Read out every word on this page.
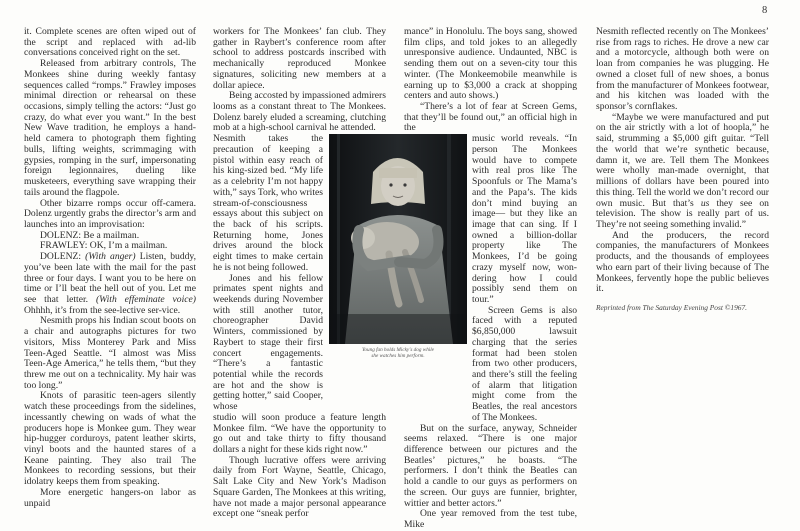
8

it. Complete scenes are often wiped out of the script and replaced with ad-lib conversations conceived right on the set.

Released from arbitrary controls, The Monkees shine during weekly fantasy sequences called “romps.” Frawley imposes minimal direction or rehearsal on these occasions, simply telling the actors: “Just go crazy, do what ever you want.” In the best New Wave tradition, he employs a hand-held camera to photograph them fighting bulls, lifting weights, scrimmaging with gypsies, romping in the surf, impersonating foreign legionnaires, dueling like musketeers, everything save wrapping their tails around the flagpole.

Other bizarre romps occur off-camera. Dolenz urgently grabs the director’s arm and launches into an improvisation:

DOLENZ: Be a mailman.

FRAWLEY: OK, I’m a mailman.

DOLENZ: (With anger) Listen, buddy, you’ve been late with the mail for the past three or four days. I want you to be here on time or I’ll beat the hell out of you. Let me see that letter. (With effeminate voice) Ohhhh, it’s from the see-lective ser-vice.

Nesmith props his Indian scout boots on a chair and autographs pictures for two visitors, Miss Monterey Park and Miss Teen-Aged Seattle. “I almost was Miss Teen-Age America,” he tells them, “but they threw me out on a technicality. My hair was too long.”

Knots of parasitic teen-agers silently watch these proceedings from the sidelines, incessantly chewing on wads of what the producers hope is Monkee gum. They wear hip-hugger corduroys, patent leather skirts, vinyl boots and the haunted stares of a Keane painting. They also trail The Monkees to recording sessions, but their idolatry keeps them from speaking.

More energetic hangers-on labor as unpaid

workers for The Monkees’ fan club. They gather in Raybert’s conference room after school to address postcards inscribed with mechanically reproduced Monkee signatures, soliciting new members at a dollar apiece.

Being accosted by impassioned admirers looms as a constant threat to The Monkees. Dolenz barely eluded a screaming, clutching mob at a high-school carnival he attended.

Nesmith takes the precaution of keeping a pistol within easy reach of his king-sized bed. “My life as a celebrity I’m not happy with,” says Tork, who writes stream-of-consciousness essays about this subject on the back of his scripts. Returning home, Jones drives around the block eight times to make certain he is not being followed.

Jones and his fellow primates spent nights and weekends during November with still another tutor, choreographer David Winters, commissioned by Raybert to stage their first concert engagements. “There’s a fantastic potential while the records are hot and the show is getting hotter,” said Cooper, whose

studio will soon produce a feature length Monkee film. “We have the opportunity to go out and take thirty to fifty thousand dollars a night for these kids right now.”

Though lucrative offers were arriving daily from Fort Wayne, Seattle, Chicago, Salt Lake City and New York’s Madison Square Garden, The Monkees at this writing, have not made a major personal appearance except one “sneak perfor

Young fan holds Micky's dog while
she watches him perform.

mance” in Honolulu. The boys sang, showed film clips, and told jokes to an allegedly unresponsive audience. Undaunted, NBC is sending them out on a seven-city tour this winter. (The Monkeemobile meanwhile is earning up to $3,000 a crack at shopping centers and auto shows.)

“There’s a lot of fear at Screen Gems, that they’ll be found out,” an official high in the

music world reveals. “In person The Monkees would have to compete with real pros like The Spoonfuls or The Mama’s and the Papa’s. The kids don’t mind buying an image— but they like an image that can sing. If I owned a billion-dollar property like The Monkees, I’d be going crazy myself now, wondering how I could possibly send them on tour.”

Screen Gems is also faced with a reputed $6,850,000 lawsuit charging that the series format had been stolen from two other producers, and there’s still the feeling of alarm that litigation might come from the Beatles, the real ancestors of The Monkees.

But on the surface, anyway, Schneider seems relaxed. “There is one major difference between our pictures and the Beatles’ pictures,” he boasts. “The performers. I don’t think the Beatles can hold a candle to our guys as performers on the screen. Our guys are funnier, brighter, wittier and better actors.”

One year removed from the test tube, Mike

Nesmith reflected recently on The Monkees’ rise from rags to riches. He drove a new car and a motorcycle, although both were on loan from companies he was plugging. He owned a closet full of new shoes, a bonus from the manufacturer of Monkees footwear, and his kitchen was loaded with the sponsor’s cornflakes.

“Maybe we were manufactured and put on the air strictly with a lot of hoopla,” he said, strumming a $5,000 gift guitar. “Tell the world that we’re synthetic because, damn it, we are. Tell them The Monkees were wholly man-made overnight, that millions of dollars have been poured into this thing. Tell the world we don’t record our own music. But that’s us they see on television. The show is really part of us. They’re not seeing something invalid.”

And the producers, the record companies, the manufacturers of Monkees products, and the thousands of employees who earn part of their living because of The Monkees, fervently hope the public believes it.

Reprinted from The Saturday Evening Post ©1967.
